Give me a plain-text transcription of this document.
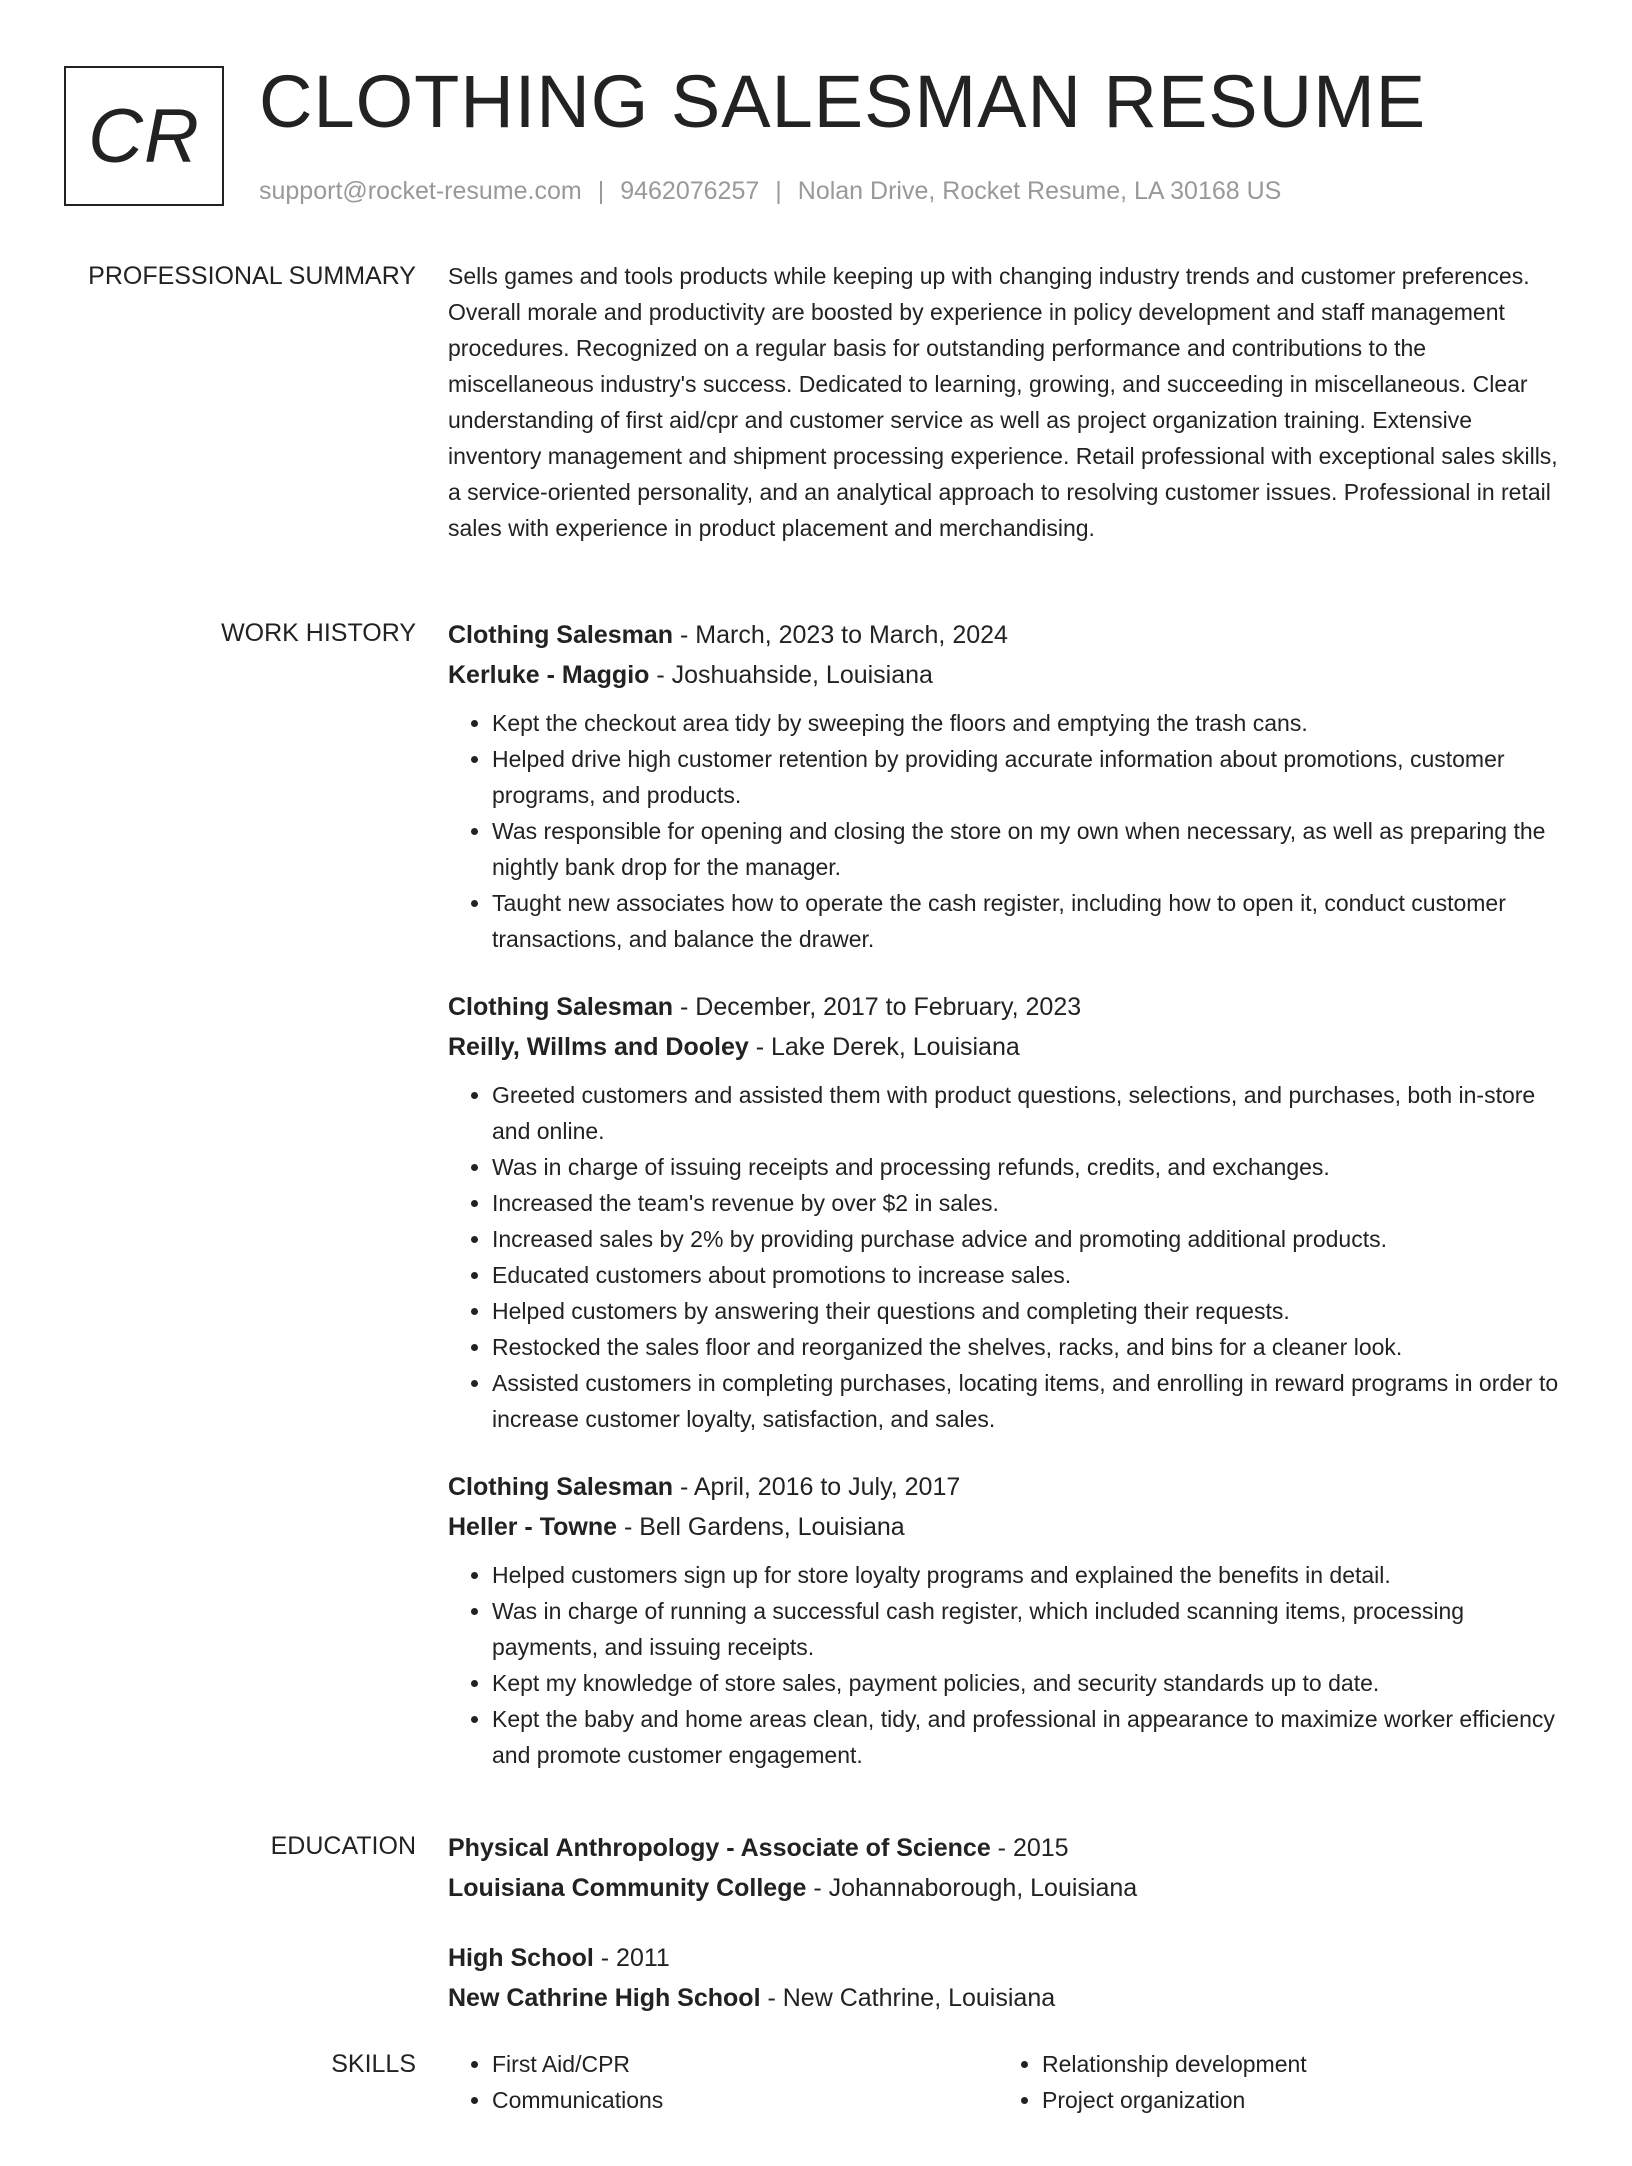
CR CLOTHING SALESMAN RESUME
support@rocket-resume.com | 9462076257 | Nolan Drive, Rocket Resume, LA 30168 US
PROFESSIONAL SUMMARY Sells games and tools products while keeping up with changing industry trends and customer preferences. Overall morale and productivity are boosted by experience in policy development and staff management procedures. Recognized on a regular basis for outstanding performance and contributions to the miscellaneous industry's success. Dedicated to learning, growing, and succeeding in miscellaneous. Clear understanding of first aid/cpr and customer service as well as project organization training. Extensive inventory management and shipment processing experience. Retail professional with exceptional sales skills, a service-oriented personality, and an analytical approach to resolving customer issues. Professional in retail sales with experience in product placement and merchandising.

WORK HISTORY Clothing Salesman - March, 2023 to March, 2024
Kerluke - Maggio - Joshuahside, Louisiana
• Kept the checkout area tidy by sweeping the floors and emptying the trash cans.
• Helped drive high customer retention by providing accurate information about promotions, customer programs, and products.
• Was responsible for opening and closing the store on my own when necessary, as well as preparing the nightly bank drop for the manager.
• Taught new associates how to operate the cash register, including how to open it, conduct customer transactions, and balance the drawer.
Clothing Salesman - December, 2017 to February, 2023
Reilly, Willms and Dooley - Lake Derek, Louisiana
• Greeted customers and assisted them with product questions, selections, and purchases, both in-store and online.
• Was in charge of issuing receipts and processing refunds, credits, and exchanges.
• Increased the team's revenue by over $2 in sales.
• Increased sales by 2% by providing purchase advice and promoting additional products.
• Educated customers about promotions to increase sales.
• Helped customers by answering their questions and completing their requests.
• Restocked the sales floor and reorganized the shelves, racks, and bins for a cleaner look.
• Assisted customers in completing purchases, locating items, and enrolling in reward programs in order to increase customer loyalty, satisfaction, and sales.
Clothing Salesman - April, 2016 to July, 2017
Heller - Towne - Bell Gardens, Louisiana
• Helped customers sign up for store loyalty programs and explained the benefits in detail.
• Was in charge of running a successful cash register, which included scanning items, processing payments, and issuing receipts.
• Kept my knowledge of store sales, payment policies, and security standards up to date.
• Kept the baby and home areas clean, tidy, and professional in appearance to maximize worker efficiency and promote customer engagement.
EDUCATION Physical Anthropology - Associate of Science - 2015
Louisiana Community College - Johannaborough, Louisiana
High School - 2011
New Cathrine High School - New Cathrine, Louisiana
SKILLS
•	First Aid/CPR
• Communications
• Relationship development
• Project organization
